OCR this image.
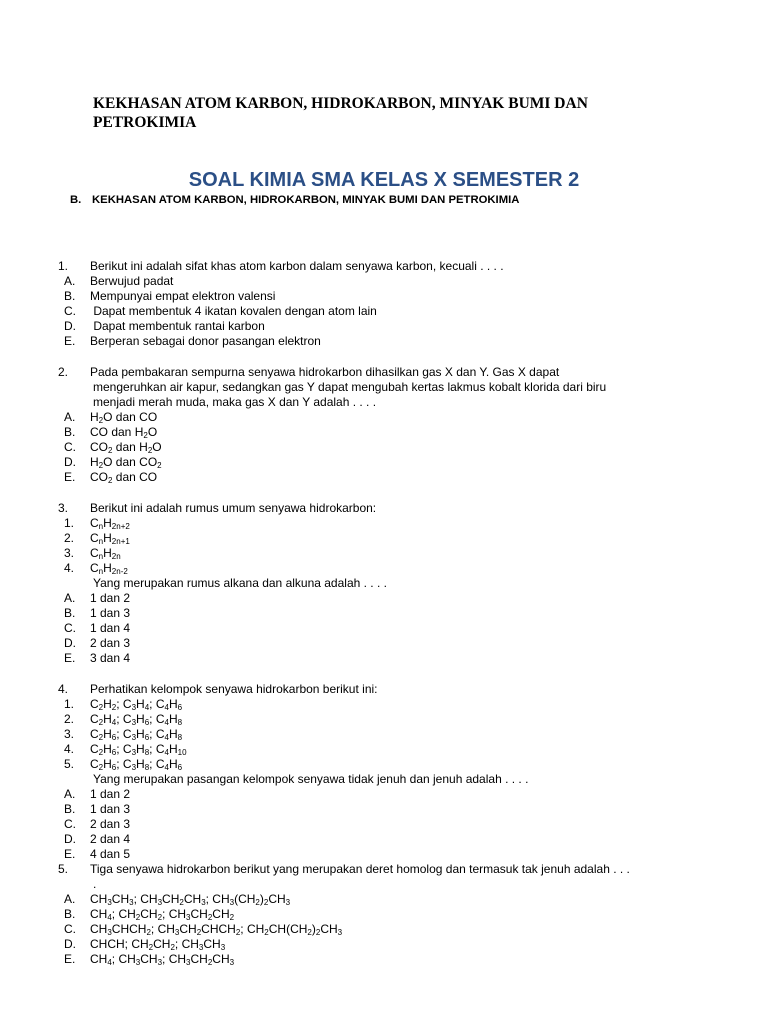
KEKHASAN ATOM KARBON, HIDROKARBON, MINYAK BUMI DAN
PETROKIMIA
SOAL KIMIA SMA KELAS X SEMESTER 2
B. KEKHASAN ATOM KARBON, HIDROKARBON, MINYAK BUMI DAN PETROKIMIA
1. Berikut ini adalah sifat khas atom karbon dalam senyawa karbon, kecuali . . . .
A. Berwujud padat
B. Mempunyai empat elektron valensi
C. Dapat membentuk 4 ikatan kovalen dengan atom lain
D. Dapat membentuk rantai karbon
E. Berperan sebagai donor pasangan elektron
2. Pada pembakaran sempurna senyawa hidrokarbon dihasilkan gas X dan Y. Gas X dapat
mengeruhkan air kapur, sedangkan gas Y dapat mengubah kertas lakmus kobalt klorida dari biru
menjadi merah muda, maka gas X dan Y adalah . . . .
A. $H_2O$ dan CO
B. CO dan $H_2O$
C. $CO_2$ dan $H_2O$
D. $H_2O$ dan $CO_2$
E. $CO_2$ dan CO
3. Berikut ini adalah rumus umum senyawa hidrokarbon:
1. $C_nH_{2n+2}$
2. $C_nH_{2n+1}$
3. $C_nH_{2n}$
4. $C_nH_{2n-2}$
Yang merupakan rumus alkana dan alkuna adalah . . . .
A. 1 dan 2
B. 1 dan 3
C. 1 dan 4
D. 2 dan 3
E. 3 dan 4
4. Perhatikan kelompok senyawa hidrokarbon berikut ini:
1. $C_2H_2$; $C_3H_4$; $C_4H_6$
2. $C_2H_4$; $C_3H_6$; $C_4H_8$
3. $C_2H_6$; $C_3H_6$; $C_4H_8$
4. $C_2H_6$; $C_3H_8$; $C_4H_{10}$
5. $C_2H_6$; $C_3H_8$; $C_4H_6$
Yang merupakan pasangan kelompok senyawa tidak jenuh dan jenuh adalah . . . .
A. 1 dan 2
B. 1 dan 3
C. 2 dan 3
D. 2 dan 4
E. 4 dan 5
5. Tiga senyawa hidrokarbon berikut yang merupakan deret homolog dan termasuk tak jenuh adalah . . .
.
A. $CH_3CH_3$; $CH_3CH_2CH_3$; $CH_3(CH_2)_2CH_3$
B. $CH_4$; $CH_2CH_2$; $CH_3CH_2CH_2$
C. $CH_3CHCH_2$; $CH_3CH_2CHCH_2$; $CH_2CH(CH_2)_2CH_3$
D. CHCH; $CH_2CH_2$; $CH_3CH_3$
E. $CH_4$; $CH_3CH_3$; $CH_3CH_2CH_3$
